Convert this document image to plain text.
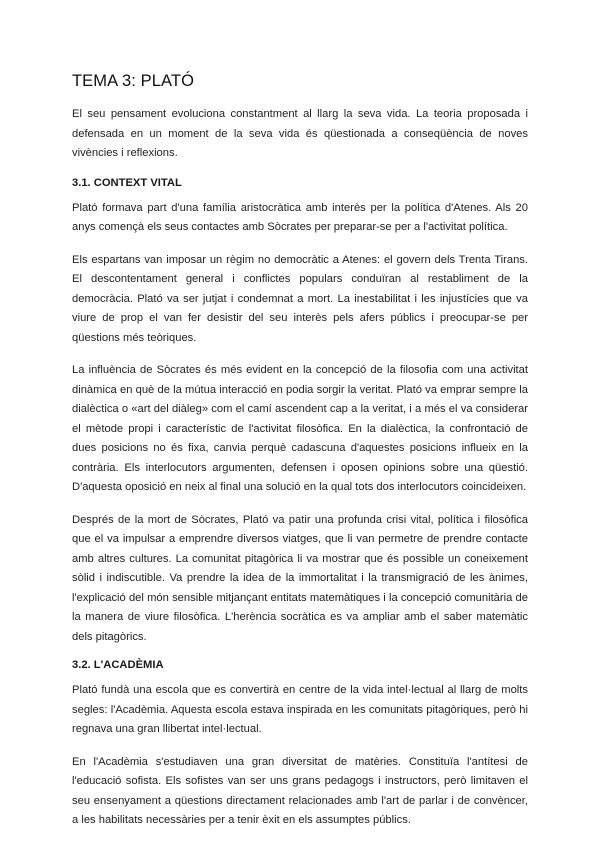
TEMA 3: PLATÓ

El seu pensament evoluciona constantment al llarg la seva vida. La teoria proposada i defensada en un moment de la seva vida és qüestionada a conseqüència de noves vivències i reflexions.

3.1. CONTEXT VITAL

Plató formava part d'una família aristocràtica amb interès per la política d'Atenes. Als 20 anys començà els seus contactes amb Sòcrates per preparar-se per a l'activitat política.

Els espartans van imposar un règim no democràtic a Atenes: el govern dels Trenta Tirans. El descontentament general i conflictes populars conduïran al restabliment de la democràcia. Plató va ser jutjat i condemnat a mort. La inestabilitat i les injustícies que va viure de prop el van fer desistir del seu interès pels afers públics i preocupar-se per qüestions més teòriques.

La influència de Sòcrates és més evident en la concepció de la filosofia com una activitat dinàmica en què de la mútua interacció en podia sorgir la veritat. Plató va emprar sempre la dialèctica o «art del diàleg» com el camí ascendent cap a la veritat, i a més el va considerar el mètode propi i característic de l'activitat filosòfica. En la dialèctica, la confrontació de dues posicions no és fixa, canvia perquè cadascuna d'aquestes posicions influeix en la contrària. Els interlocutors argumenten, defensen i oposen opinions sobre una qüestió. D'aquesta oposició en neix al final una solució en la qual tots dos interlocutors coincideixen.

Després de la mort de Sòcrates, Plató va patir una profunda crisi vital, política i filosòfica que el va impulsar a emprendre diversos viatges, que li van permetre de prendre contacte amb altres cultures. La comunitat pitagòrica li va mostrar que és possible un coneixement sòlid i indiscutible. Va prendre la idea de la immortalitat i la transmigració de les ànimes, l'explicació del món sensible mitjançant entitats matemàtiques i la concepció comunitària de la manera de viure filosòfica. L'herència socràtica es va ampliar amb el saber matemàtic dels pitagòrics.

3.2. L'ACADÈMIA

Plató fundà una escola que es convertirà en centre de la vida intel·lectual al llarg de molts segles: l'Acadèmia. Aquesta escola estava inspirada en les comunitats pitagòriques, però hi regnava una gran llibertat intel·lectual.

En l'Acadèmia s'estudiaven una gran diversitat de matèries. Constituïa l'antítesi de l'educació sofista. Els sofistes van ser uns grans pedagogs i instructors, però limitaven el seu ensenyament a qüestions directament relacionades amb l'art de parlar i de convèncer, a les habilitats necessàries per a tenir èxit en els assumptes públics.
